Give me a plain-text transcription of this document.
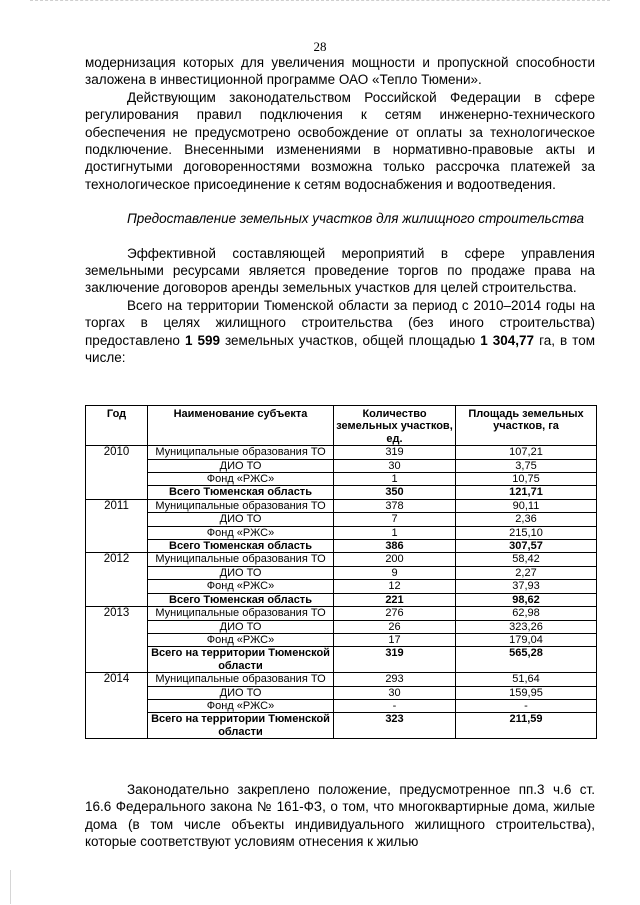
28

модернизация которых для увеличения мощности и пропускной способности заложена в инвестиционной программе ОАО «Тепло Тюмени».

Действующим законодательством Российской Федерации в сфере регулирования правил подключения к сетям инженерно-технического обеспечения не предусмотрено освобождение от оплаты за технологическое подключение. Внесенными изменениями в нормативно-правовые акты и достигнутыми договоренностями возможна только рассрочка платежей за технологическое присоединение к сетям водоснабжения и водоотведения.

Предоставление земельных участков для жилищного строительства

Эффективной составляющей мероприятий в сфере управления земельными ресурсами является проведение торгов по продаже права на заключение договоров аренды земельных участков для целей строительства.

Всего на территории Тюменской области за период с 2010–2014 годы на торгах в целях жилищного строительства (без иного строительства) предоставлено 1 599 земельных участков, общей площадью 1 304,77 га, в том числе:

Год	Наименование субъекта	Количество земельных участков, ед.	Площадь земельных участков, га
2010	Муниципальные образования ТО	319	107,21
	ДИО ТО	30	3,75
	Фонд «РЖС»	1	10,75
	Всего Тюменская область	350	121,71
2011	Муниципальные образования ТО	378	90,11
	ДИО ТО	7	2,36
	Фонд «РЖС»	1	215,10
	Всего Тюменская область	386	307,57
2012	Муниципальные образования ТО	200	58,42
	ДИО ТО	9	2,27
	Фонд «РЖС»	12	37,93
	Всего Тюменская область	221	98,62
2013	Муниципальные образования ТО	276	62,98
	ДИО ТО	26	323,26
	Фонд «РЖС»	17	179,04
	Всего на территории Тюменской области	319	565,28
2014	Муниципальные образования ТО	293	51,64
	ДИО ТО	30	159,95
	Фонд «РЖС»	-	-
	Всего на территории Тюменской области	323	211,59

Законодательно закреплено положение, предусмотренное пп.3 ч.6 ст. 16.6 Федерального закона № 161-ФЗ, о том, что многоквартирные дома, жилые дома (в том числе объекты индивидуального жилищного строительства), которые соответствуют условиям отнесения к жилью
